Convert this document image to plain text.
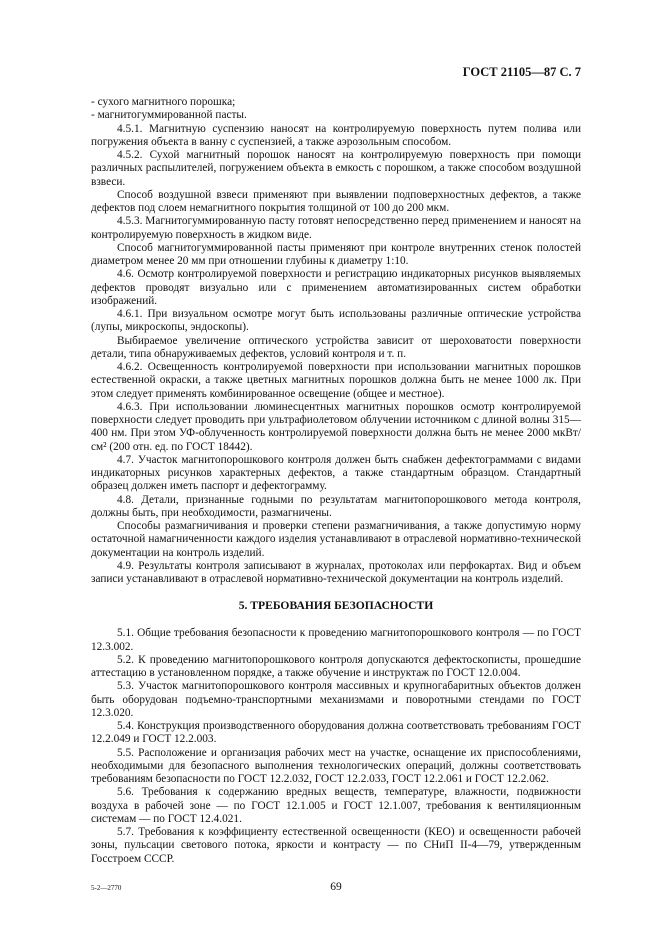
ГОСТ 21105—87 С. 7

- сухого магнитного порошка;

- магнитогуммированной пасты.

4.5.1. Магнитную суспензию наносят на контролируемую поверхность путем полива или погружения объекта в ванну с суспензией, а также аэрозольным способом.

4.5.2. Сухой магнитный порошок наносят на контролируемую поверхность при помощи различных распылителей, погружением объекта в емкость с порошком, а также способом воздушной взвеси.

Способ воздушной взвеси применяют при выявлении подповерхностных дефектов, а также дефектов под слоем немагнитного покрытия толщиной от 100 до 200 мкм.

4.5.3. Магнитогуммированную пасту готовят непосредственно перед применением и наносят на контролируемую поверхность в жидком виде.

Способ магнитогуммированной пасты применяют при контроле внутренних стенок полостей диаметром менее 20 мм при отношении глубины к диаметру 1:10.

4.6. Осмотр контролируемой поверхности и регистрацию индикаторных рисунков выявляемых дефектов проводят визуально или с применением автоматизированных систем обработки изображений.

4.6.1. При визуальном осмотре могут быть использованы различные оптические устройства (лупы, микроскопы, эндоскопы).

Выбираемое увеличение оптического устройства зависит от шероховатости поверхности детали, типа обнаруживаемых дефектов, условий контроля и т. п.

4.6.2. Освещенность контролируемой поверхности при использовании магнитных порошков естественной окраски, а также цветных магнитных порошков должна быть не менее 1000 лк. При этом следует применять комбинированное освещение (общее и местное).

4.6.3. При использовании люминесцентных магнитных порошков осмотр контролируемой поверхности следует проводить при ультрафиолетовом облучении источником с длиной волны 315—400 нм. При этом УФ-облученность контролируемой поверхности должна быть не менее 2000 мкВт/см² (200 отн. ед. по ГОСТ 18442).

4.7. Участок магнитопорошкового контроля должен быть снабжен дефектограммами с видами индикаторных рисунков характерных дефектов, а также стандартным образцом. Стандартный образец должен иметь паспорт и дефектограмму.

4.8. Детали, признанные годными по результатам магнитопорошкового метода контроля, должны быть, при необходимости, размагничены.

Способы размагничивания и проверки степени размагничивания, а также допустимую норму остаточной намагниченности каждого изделия устанавливают в отраслевой нормативно-технической документации на контроль изделий.

4.9. Результаты контроля записывают в журналах, протоколах или перфокартах. Вид и объем записи устанавливают в отраслевой нормативно-технической документации на контроль изделий.

5. ТРЕБОВАНИЯ БЕЗОПАСНОСТИ

5.1. Общие требования безопасности к проведению магнитопорошкового контроля — по ГОСТ 12.3.002.

5.2. К проведению магнитопорошкового контроля допускаются дефектоскописты, прошедшие аттестацию в установленном порядке, а также обучение и инструктаж по ГОСТ 12.0.004.

5.3. Участок магнитопорошкового контроля массивных и крупногабаритных объектов должен быть оборудован подъемно-транспортными механизмами и поворотными стендами по ГОСТ 12.3.020.

5.4. Конструкция производственного оборудования должна соответствовать требованиям ГОСТ 12.2.049 и ГОСТ 12.2.003.

5.5. Расположение и организация рабочих мест на участке, оснащение их приспособлениями, необходимыми для безопасного выполнения технологических операций, должны соответствовать требованиям безопасности по ГОСТ 12.2.032, ГОСТ 12.2.033, ГОСТ 12.2.061 и ГОСТ 12.2.062.

5.6. Требования к содержанию вредных веществ, температуре, влажности, подвижности воздуха в рабочей зоне — по ГОСТ 12.1.005 и ГОСТ 12.1.007, требования к вентиляционным системам — по ГОСТ 12.4.021.

5.7. Требования к коэффициенту естественной освещенности (КЕО) и освещенности рабочей зоны, пульсации светового потока, яркости и контрасту — по СНиП II-4—79, утвержденным Госстроем СССР.

5-2—2770	69
